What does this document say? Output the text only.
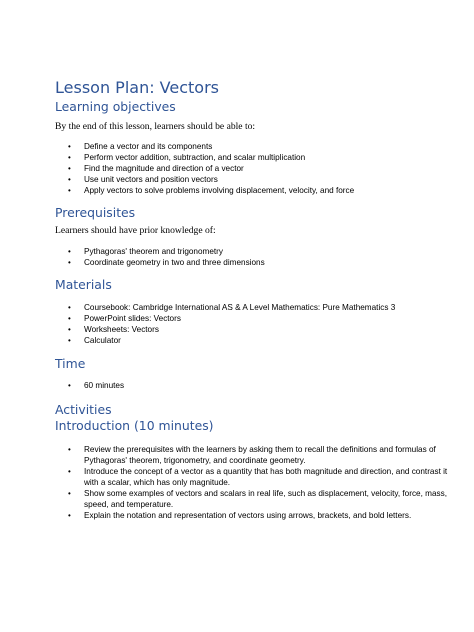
Lesson Plan: Vectors
Learning objectives

By the end of this lesson, learners should be able to:

• Define a vector and its components
• Perform vector addition, subtraction, and scalar multiplication
• Find the magnitude and direction of a vector
• Use unit vectors and position vectors
• Apply vectors to solve problems involving displacement, velocity, and force
Prerequisites

Learners should have prior knowledge of:

• Pythagoras' theorem and trigonometry
• Coordinate geometry in two and three dimensions
Materials
• Coursebook: Cambridge International AS & A Level Mathematics: Pure Mathematics 3
• PowerPoint slides: Vectors
• Worksheets: Vectors
• Calculator
Time
• 60 minutes
Activities
Introduction (10 minutes)
• Review the prerequisites with the learners by asking them to recall the definitions and formulas of Pythagoras' theorem, trigonometry, and coordinate geometry.
• Introduce the concept of a vector as a quantity that has both magnitude and direction, and contrast it with a scalar, which has only magnitude.
• Show some examples of vectors and scalars in real life, such as displacement, velocity, force, mass, speed, and temperature.
• Explain the notation and representation of vectors using arrows, brackets, and bold letters.
